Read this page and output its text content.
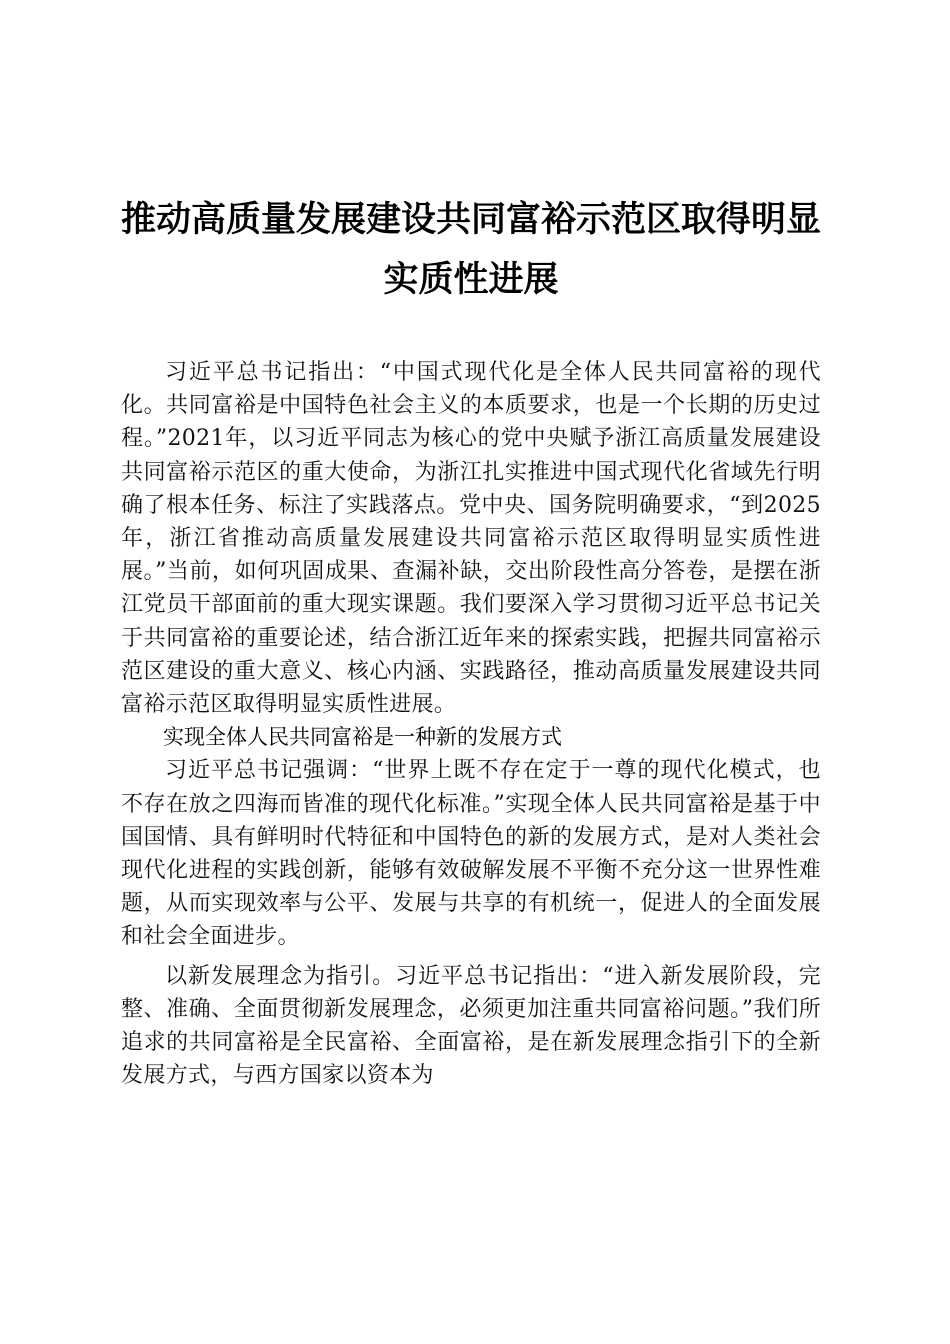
推动高质量发展建设共同富裕示范区取得明显
实质性进展

习近平总书记指出：“中国式现代化是全体人民共同富裕的现代化。共同富裕是中国特色社会主义的本质要求，也是一个长期的历史过程。”2021年，以习近平同志为核心的党中央赋予浙江高质量发展建设共同富裕示范区的重大使命，为浙江扎实推进中国式现代化省域先行明确了根本任务、标注了实践落点。党中央、国务院明确要求，“到2025年，浙江省推动高质量发展建设共同富裕示范区取得明显实质性进展。”当前，如何巩固成果、查漏补缺，交出阶段性高分答卷，是摆在浙江党员干部面前的重大现实课题。我们要深入学习贯彻习近平总书记关于共同富裕的重要论述，结合浙江近年来的探索实践，把握共同富裕示范区建设的重大意义、核心内涵、实践路径，推动高质量发展建设共同富裕示范区取得明显实质性进展。

实现全体人民共同富裕是一种新的发展方式

习近平总书记强调：“世界上既不存在定于一尊的现代化模式，也不存在放之四海而皆准的现代化标准。”实现全体人民共同富裕是基于中国国情、具有鲜明时代特征和中国特色的新的发展方式，是对人类社会现代化进程的实践创新，能够有效破解发展不平衡不充分这一世界性难题，从而实现效率与公平、发展与共享的有机统一，促进人的全面发展和社会全面进步。

以新发展理念为指引。习近平总书记指出：“进入新发展阶段，完整、准确、全面贯彻新发展理念，必须更加注重共同富裕问题。”我们所追求的共同富裕是全民富裕、全面富裕，是在新发展理念指引下的全新发展方式，与西方国家以资本为
